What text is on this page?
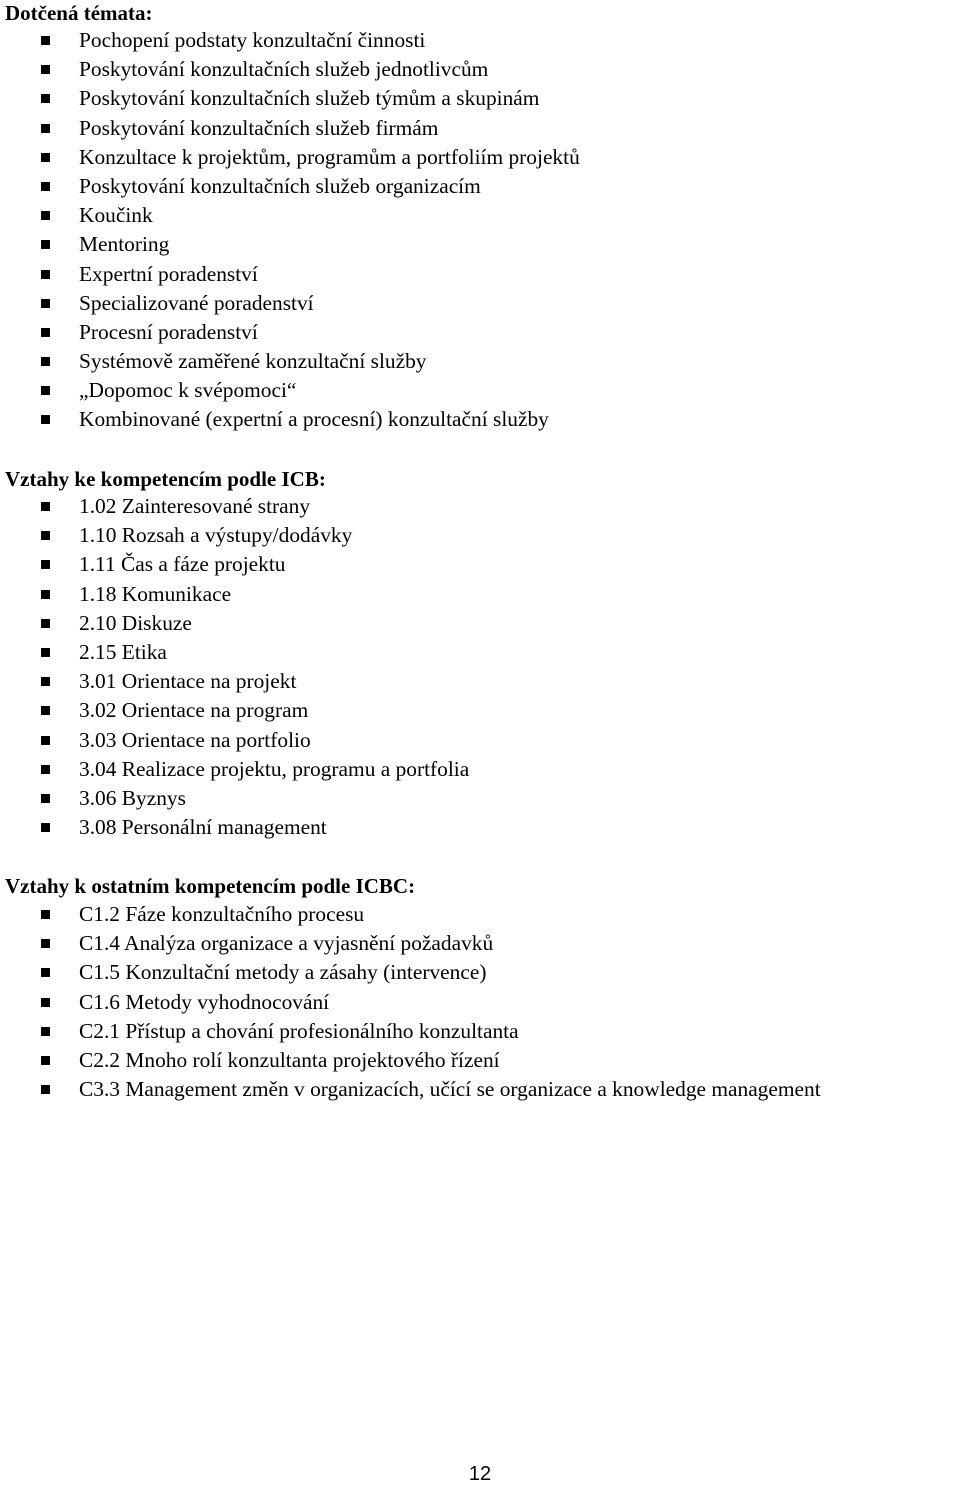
Dotčená témata:
Pochopení podstaty konzultační činnosti
Poskytování konzultačních služeb jednotlivcům
Poskytování konzultačních služeb týmům a skupinám
Poskytování konzultačních služeb firmám
Konzultace k projektům, programům a portfoliím projektů
Poskytování konzultačních služeb organizacím
Koučink
Mentoring
Expertní poradenství
Specializované poradenství
Procesní poradenství
Systémově zaměřené konzultační služby
„Dopomoc k svépomoci“
Kombinované (expertní a procesní) konzultační služby
Vztahy ke kompetencím podle ICB:
1.02 Zainteresované strany
1.10 Rozsah a výstupy/dodávky
1.11 Čas a fáze projektu
1.18 Komunikace
2.10 Diskuze
2.15 Etika
3.01 Orientace na projekt
3.02 Orientace na program
3.03 Orientace na portfolio
3.04 Realizace projektu, programu a portfolia
3.06 Byznys
3.08 Personální management
Vztahy k ostatním kompetencím podle ICBC:
C1.2 Fáze konzultačního procesu
C1.4 Analýza organizace a vyjasnění požadavků
C1.5 Konzultační metody a zásahy (intervence)
C1.6 Metody vyhodnocování
C2.1 Přístup a chování profesionálního konzultanta
C2.2 Mnoho rolí konzultanta projektového řízení
C3.3 Management změn v organizacích, učící se organizace a knowledge management
12
